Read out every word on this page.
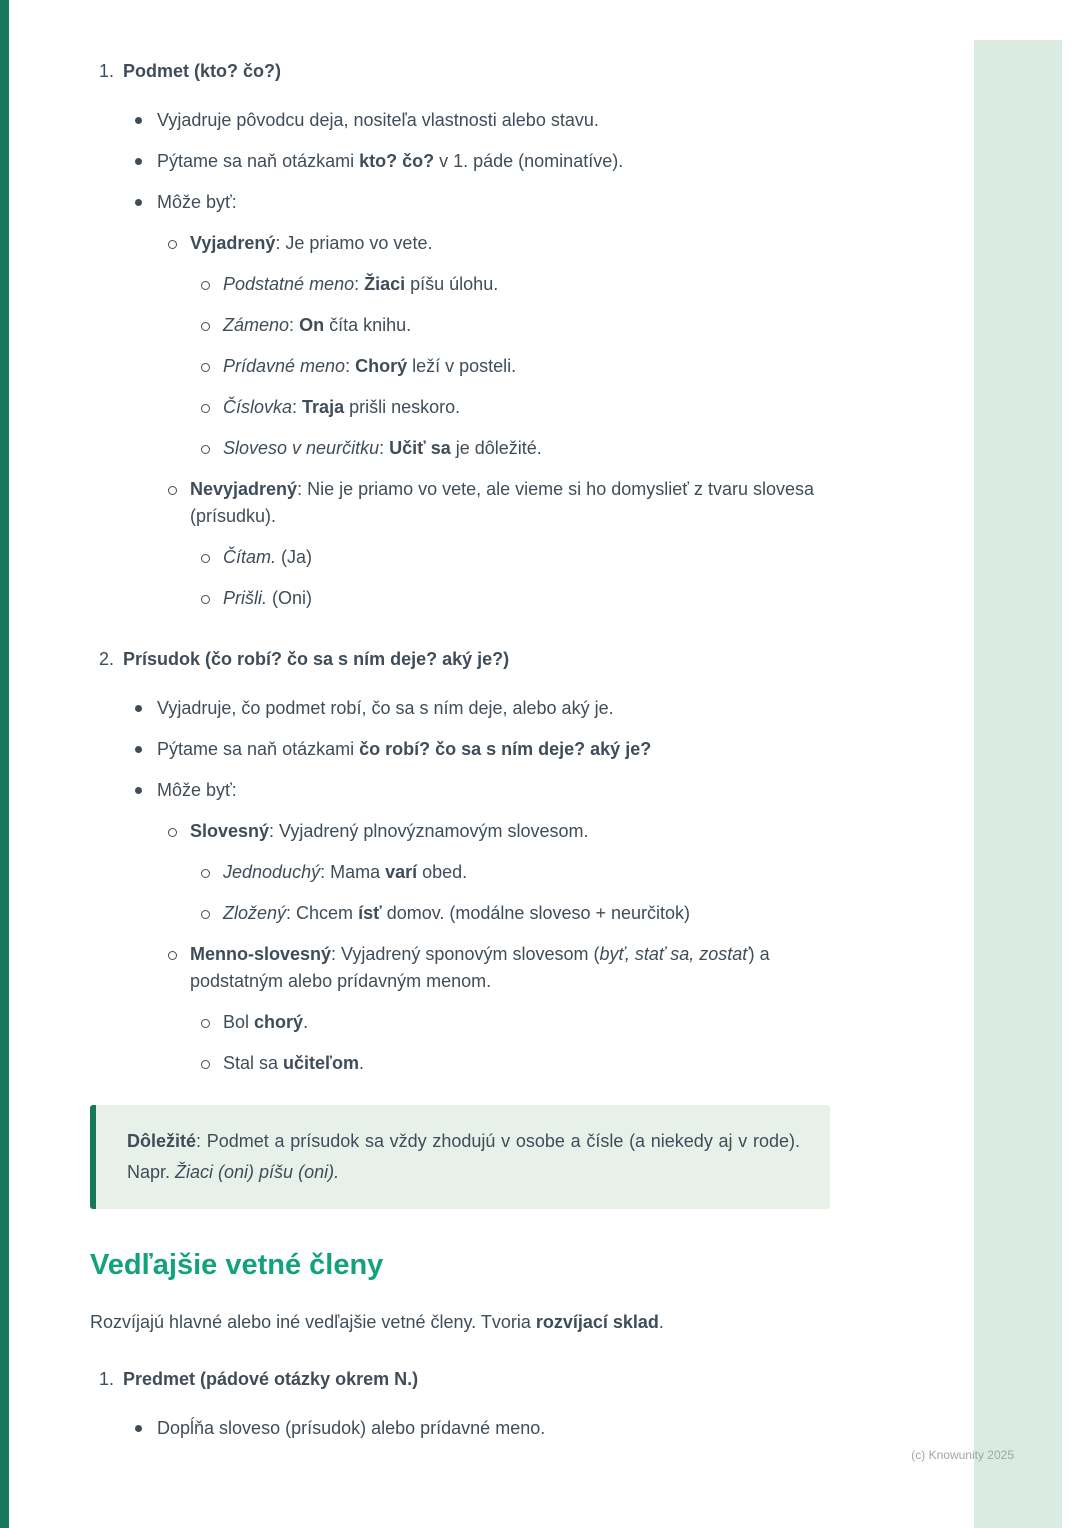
1. Podmet (kto? čo?)
Vyjadruje pôvodcu deja, nositeľa vlastnosti alebo stavu.
Pýtame sa naň otázkami kto? čo? v 1. páde (nominatíve).
Môže byť:
Vyjadrený: Je priamo vo vete.
Podstatné meno: Žiaci píšu úlohu.
Zámeno: On číta knihu.
Prídavné meno: Chorý leží v posteli.
Číslovka: Traja prišli neskoro.
Sloveso v neurčitku: Učiť sa je dôležité.
Nevyjadrený: Nie je priamo vo vete, ale vieme si ho domyslieť z tvaru slovesa (prísudku).
Čítam. (Ja)
Prišli. (Oni)
2. Prísudok (čo robí? čo sa s ním deje? aký je?)
Vyjadruje, čo podmet robí, čo sa s ním deje, alebo aký je.
Pýtame sa naň otázkami čo robí? čo sa s ním deje? aký je?
Môže byť:
Slovesný: Vyjadrený plnovýznamovým slovesom.
Jednoduchý: Mama varí obed.
Zložený: Chcem ísť domov. (modálne sloveso + neurčitok)
Menno-slovesný: Vyjadrený sponovým slovesom (byť, stať sa, zostať) a podstatným alebo prídavným menom.
Bol chorý.
Stal sa učiteľom.
Dôležité: Podmet a prísudok sa vždy zhodujú v osobe a čísle (a niekedy aj v rode). Napr. Žiaci (oni) píšu (oni).
Vedľajšie vetné členy

Rozvíjajú hlavné alebo iné vedľajšie vetné členy. Tvoria rozvíjací sklad.

1. Predmet (pádové otázky okrem N.)
Dopĺňa sloveso (prísudok) alebo prídavné meno.
(c) Knowunity 2025
